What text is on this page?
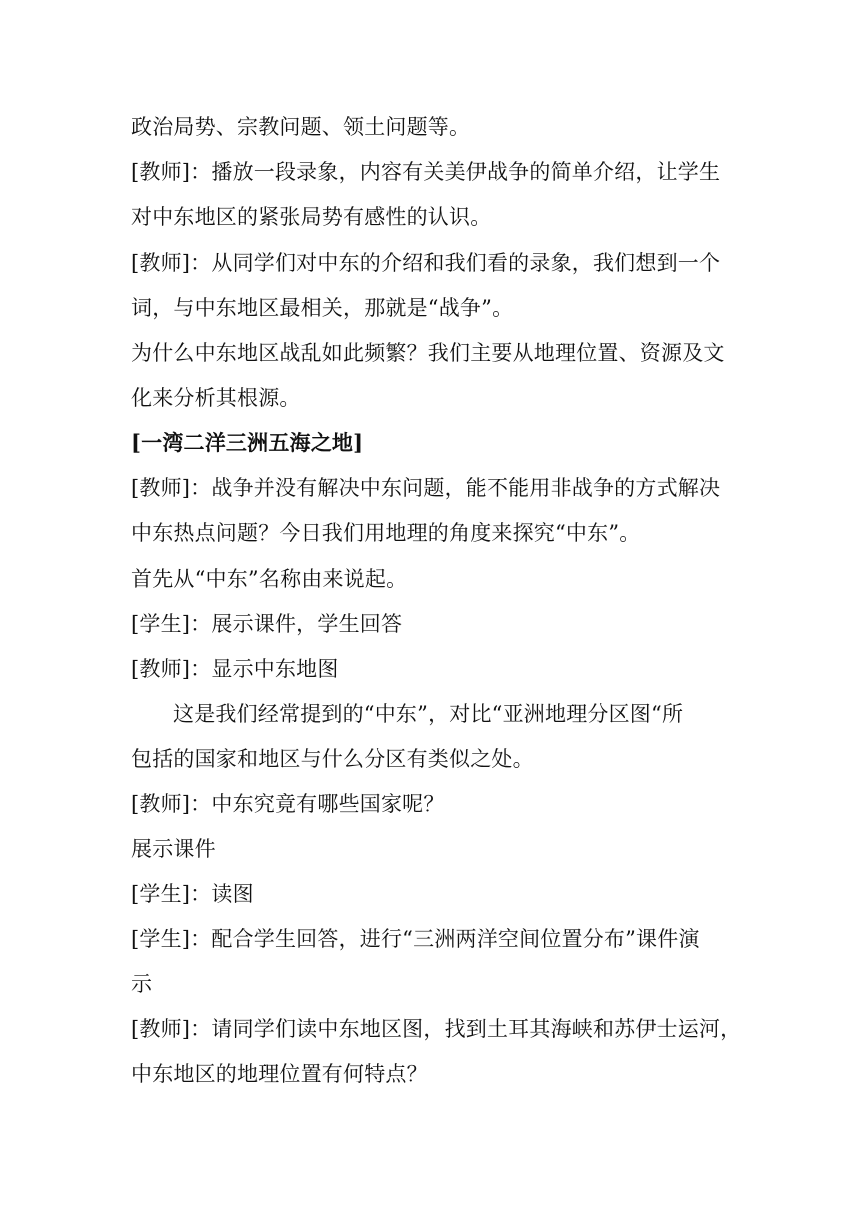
政治局势、宗教问题、领土问题等。
[教师]：播放一段录象，内容有关美伊战争的简单介绍，让学生
对中东地区的紧张局势有感性的认识。
[教师]：从同学们对中东的介绍和我们看的录象，我们想到一个
词，与中东地区最相关，那就是“战争”。
为什么中东地区战乱如此频繁？我们主要从地理位置、资源及文
化来分析其根源。
[一湾二洋三洲五海之地]
[教师]：战争并没有解决中东问题，能不能用非战争的方式解决
中东热点问题？今日我们用地理的角度来探究“中东”。
首先从“中东”名称由来说起。
[学生]：展示课件，学生回答
[教师]：显示中东地图
这是我们经常提到的“中东”，对比“亚洲地理分区图“所
包括的国家和地区与什么分区有类似之处。
[教师]：中东究竟有哪些国家呢？
展示课件
[学生]：读图
[学生]：配合学生回答，进行“三洲两洋空间位置分布”课件演
示
[教师]：请同学们读中东地区图，找到土耳其海峡和苏伊士运河，
中东地区的地理位置有何特点？
